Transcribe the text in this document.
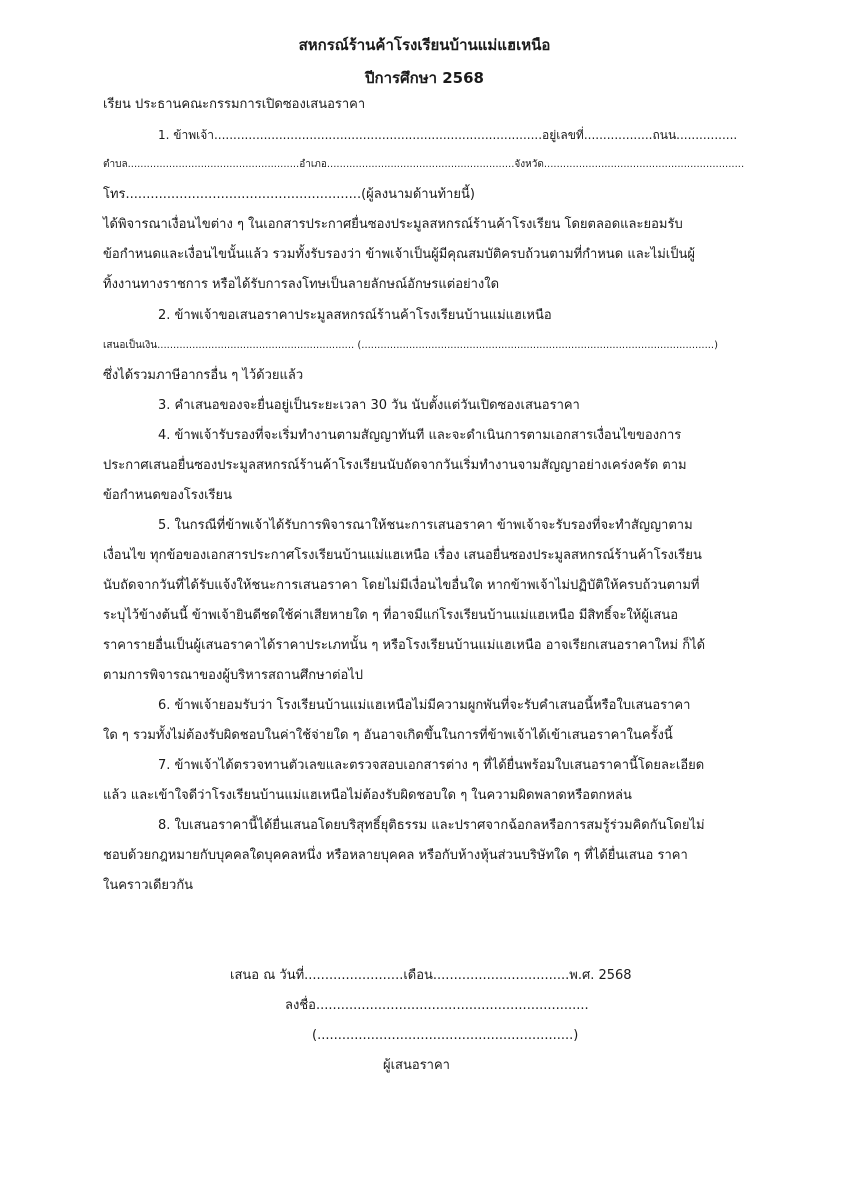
สหกรณ์ร้านค้าโรงเรียนบ้านแม่แฮเหนือ
ปีการศึกษา 2568
เรียน ประธานคณะกรรมการเปิดซองเสนอราคา
1. ข้าพเจ้า......................................................................................อยู่เลขที่..................ถนน................
ตำบล......................................................อำเภอ...........................................................จังหวัด...............................................................
โทร.........................................................(ผู้ลงนามด้านท้ายนี้)
ได้พิจารณาเงื่อนไขต่าง ๆ ในเอกสารประกาศยื่นซองประมูลสหกรณ์ร้านค้าโรงเรียน โดยตลอดและยอมรับ
ข้อกำหนดและเงื่อนไขนั้นแล้ว รวมทั้งรับรองว่า ข้าพเจ้าเป็นผู้มีคุณสมบัติครบถ้วนตามที่กำหนด และไม่เป็นผู้
ทิ้งงานทางราชการ หรือได้รับการลงโทษเป็นลายลักษณ์อักษรแต่อย่างใด
2. ข้าพเจ้าขอเสนอราคาประมูลสหกรณ์ร้านค้าโรงเรียนบ้านแม่แฮเหนือ
เสนอเป็นเงิน.............................................................. (...............................................................................................................)
ซึ่งได้รวมภาษีอากรอื่น ๆ ไว้ด้วยแล้ว
3. คำเสนอของจะยื่นอยู่เป็นระยะเวลา 30 วัน นับตั้งแต่วันเปิดซองเสนอราคา
4. ข้าพเจ้ารับรองที่จะเริ่มทำงานตามสัญญาทันที และจะดำเนินการตามเอกสารเงื่อนไขของการ
ประกาศเสนอยื่นซองประมูลสหกรณ์ร้านค้าโรงเรียนนับถัดจากวันเริ่มทำงานจามสัญญาอย่างเคร่งครัด ตาม
ข้อกำหนดของโรงเรียน
5. ในกรณีที่ข้าพเจ้าได้รับการพิจารณาให้ชนะการเสนอราคา ข้าพเจ้าจะรับรองที่จะทำสัญญาตาม
เงื่อนไข ทุกข้อของเอกสารประกาศโรงเรียนบ้านแม่แฮเหนือ เรื่อง เสนอยื่นซองประมูลสหกรณ์ร้านค้าโรงเรียน
นับถัดจากวันที่ได้รับแจ้งให้ชนะการเสนอราคา โดยไม่มีเงื่อนไขอื่นใด หากข้าพเจ้าไม่ปฏิบัติให้ครบถ้วนตามที่
ระบุไว้ข้างต้นนี้ ข้าพเจ้ายินดีชดใช้ค่าเสียหายใด ๆ ที่อาจมีแก่โรงเรียนบ้านแม่แฮเหนือ มีสิทธิ์จะให้ผู้เสนอ
ราคารายอื่นเป็นผู้เสนอราคาได้ราคาประเภทนั้น ๆ หรือโรงเรียนบ้านแม่แฮเหนือ อาจเรียกเสนอราคาใหม่ ก็ได้
ตามการพิจารณาของผู้บริหารสถานศึกษาต่อไป
6. ข้าพเจ้ายอมรับว่า โรงเรียนบ้านแม่แฮเหนือไม่มีความผูกพันที่จะรับคำเสนอนี้หรือใบเสนอราคา
ใด ๆ รวมทั้งไม่ต้องรับผิดชอบในค่าใช้จ่ายใด ๆ อันอาจเกิดขึ้นในการที่ข้าพเจ้าได้เข้าเสนอราคาในครั้งนี้
7. ข้าพเจ้าได้ตรวจทานตัวเลขและตรวจสอบเอกสารต่าง ๆ ที่ได้ยื่นพร้อมใบเสนอราคานี้โดยละเอียด
แล้ว และเข้าใจดีว่าโรงเรียนบ้านแม่แฮเหนือไม่ต้องรับผิดชอบใด ๆ ในความผิดพลาดหรือตกหล่น
8. ใบเสนอราคานี้ได้ยื่นเสนอโดยบริสุทธิ์ยุติธรรม และปราศจากฉ้อกลหรือการสมรู้ร่วมคิดกันโดยไม่
ชอบด้วยกฎหมายกับบุคคลใดบุคคลหนึ่ง หรือหลายบุคคล หรือกับห้างหุ้นส่วนบริษัทใด ๆ ที่ได้ยื่นเสนอ ราคา
ในคราวเดียวกัน
เสนอ ณ วันที่........................เดือน.................................พ.ศ. 2568
ลงชื่อ..................................................................
(..............................................................)
ผู้เสนอราคา
